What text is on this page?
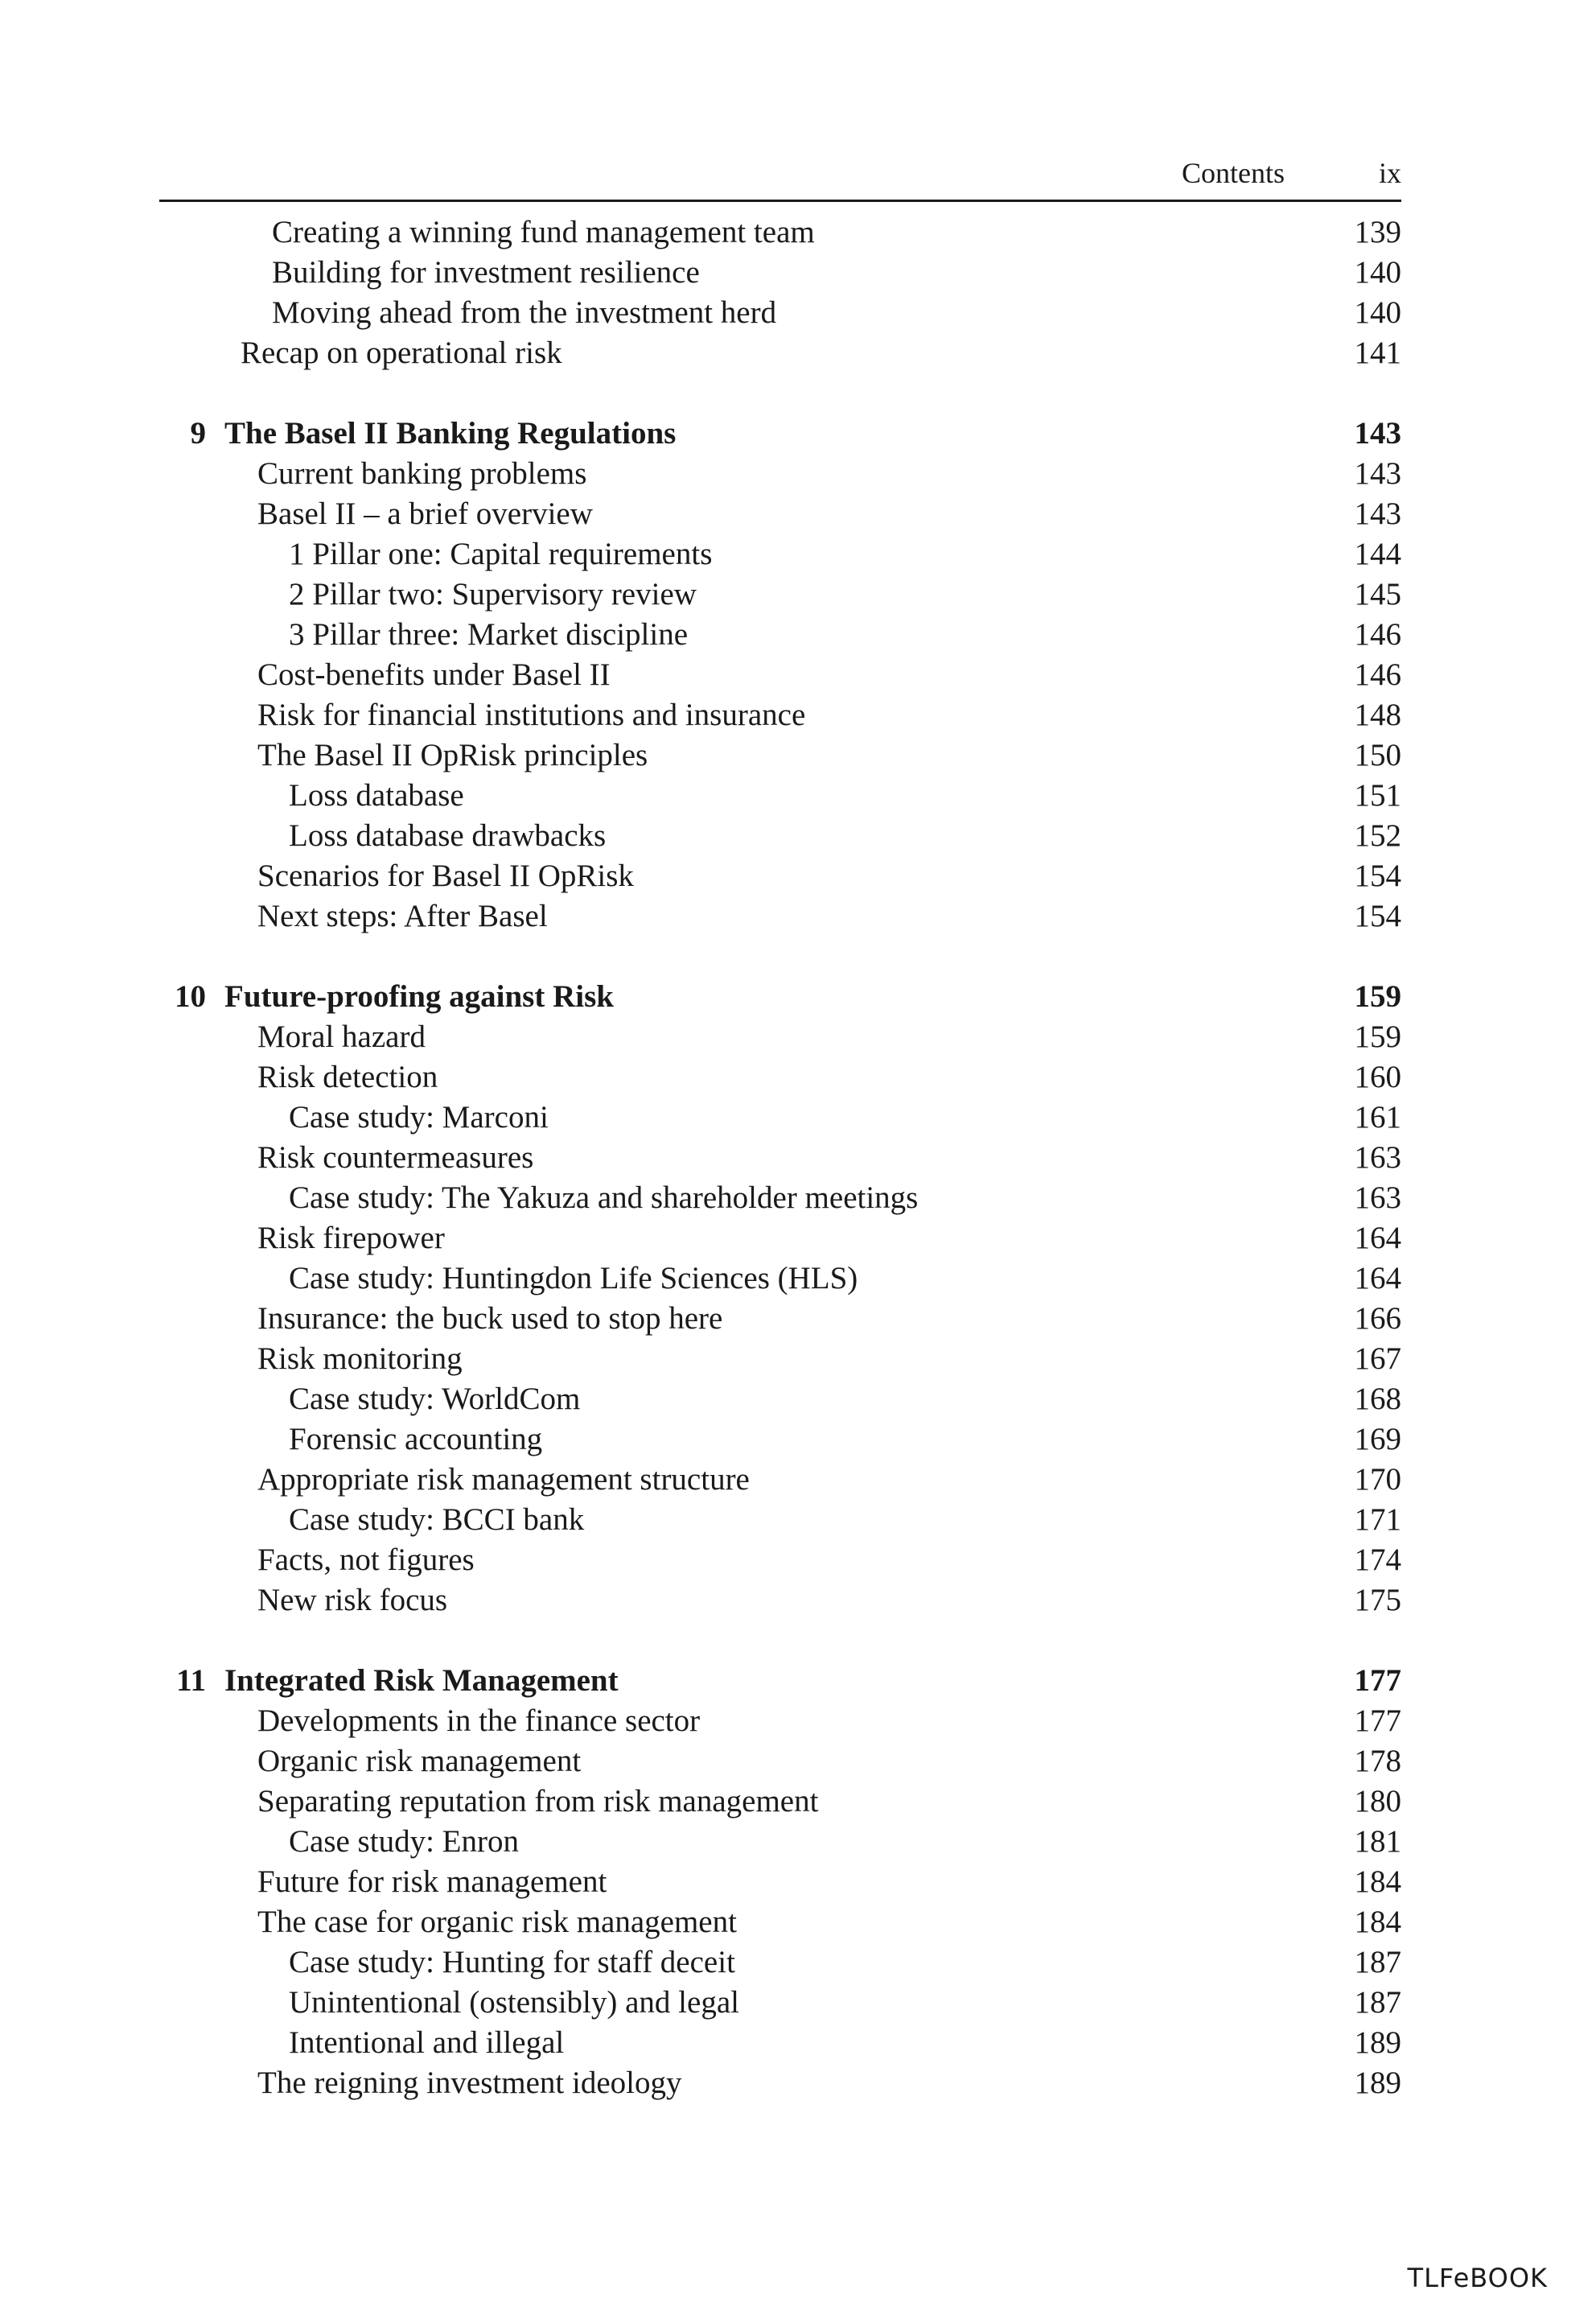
Contents	ix
Creating a winning fund management team	139
Building for investment resilience	140
Moving ahead from the investment herd	140
Recap on operational risk	141
9 The Basel II Banking Regulations	143
Current banking problems	143
Basel II – a brief overview	143
1 Pillar one: Capital requirements	144
2 Pillar two: Supervisory review	145
3 Pillar three: Market discipline	146
Cost-benefits under Basel II	146
Risk for financial institutions and insurance	148
The Basel II OpRisk principles	150
Loss database	151
Loss database drawbacks	152
Scenarios for Basel II OpRisk	154
Next steps: After Basel	154
10 Future-proofing against Risk	159
Moral hazard	159
Risk detection	160
Case study: Marconi	161
Risk countermeasures	163
Case study: The Yakuza and shareholder meetings	163
Risk firepower	164
Case study: Huntingdon Life Sciences (HLS)	164
Insurance: the buck used to stop here	166
Risk monitoring	167
Case study: WorldCom	168
Forensic accounting	169
Appropriate risk management structure	170
Case study: BCCI bank	171
Facts, not figures	174
New risk focus	175
11 Integrated Risk Management	177
Developments in the finance sector	177
Organic risk management	178
Separating reputation from risk management	180
Case study: Enron	181
Future for risk management	184
The case for organic risk management	184
Case study: Hunting for staff deceit	187
Unintentional (ostensibly) and legal	187
Intentional and illegal	189
The reigning investment ideology	189
TLFeBOOK
